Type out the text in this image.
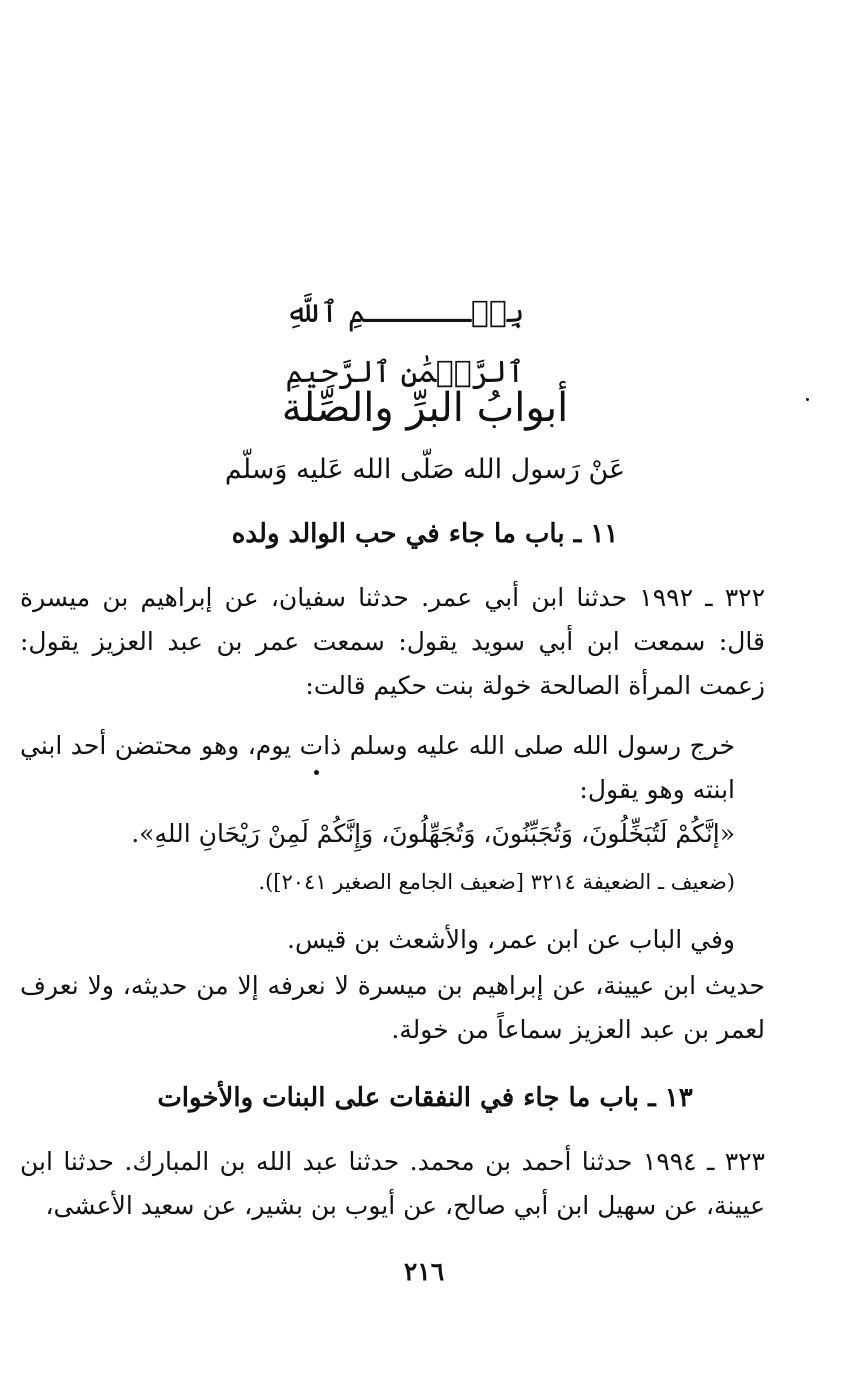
بِسۡــــــمِ ٱللَّهِ ٱلرَّحۡمَٰنِ ٱلرَّحِيمِ
أبوابُ البرِّ والصِّلة
عَنْ رَسول الله صَلّى الله عَليه وَسلّم
١١ ـ باب ما جاء في حب الوالد ولده
٣٢٢ ـ ١٩٩٢ حدثنا ابن أبي عمر. حدثنا سفيان، عن إبراهيم بن ميسرة قال: سمعت ابن أبي سويد يقول: سمعت عمر بن عبد العزيز يقول: زعمت المرأة الصالحة خولة بنت حكيم قالت:
خرج رسول الله صلى الله عليه وسلم ذات يوم، وهو محتضن أحد ابني ابنته وهو يقول:
«إنَّكُمْ لَتُبَخِّلُونَ، وَتُجَبِّنُونَ، وَتُجَهِّلُونَ، وَإِنَّكُمْ لَمِنْ رَيْحَانِ اللهِ».
(ضعيف ـ الضعيفة ٣٢١٤ [ضعيف الجامع الصغير ٢٠٤١]).
وفي الباب عن ابن عمر، والأشعث بن قيس.
حديث ابن عيينة، عن إبراهيم بن ميسرة لا نعرفه إلا من حديثه، ولا نعرف لعمر بن عبد العزيز سماعاً من خولة.
١٣ ـ باب ما جاء في النفقات على البنات والأخوات
٣٢٣ ـ ١٩٩٤ حدثنا أحمد بن محمد. حدثنا عبد الله بن المبارك. حدثنا ابن عيينة، عن سهيل ابن أبي صالح، عن أيوب بن بشير، عن سعيد الأعشى،
٢١٦
